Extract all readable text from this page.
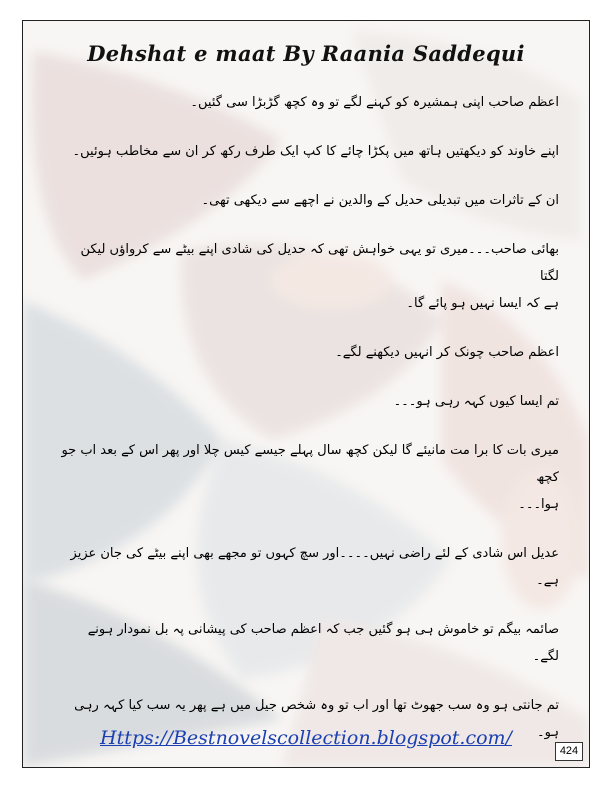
Dehshat e maat By Raania Saddequi

اعظم صاحب اپنی ہمشیرہ کو کہنے لگے تو وہ کچھ گڑبڑا سی گئیں۔

اپنے خاوند کو دیکھتیں ہاتھ میں پکڑا چائے کا کپ ایک طرف رکھ کر ان سے مخاطب ہوئیں۔

ان کے تاثرات میں تبدیلی حدیل کے والدین نے اچھے سے دیکھی تھی۔

بھائی صاحب۔۔۔میری تو یہی خواہش تھی کہ حدیل کی شادی اپنے بیٹے سے کرواؤں لیکن لگتا
ہے کہ ایسا نہیں ہو پائے گا۔

اعظم صاحب چونک کر انہیں دیکھنے لگے۔

تم ایسا کیوں کہہ رہی ہو۔۔۔

میری بات کا برا مت مانیئے گا لیکن کچھ سال پہلے جیسے کیس چلا اور پھر اس کے بعد اب جو کچھ
ہوا۔۔۔

عدیل اس شادی کے لئے راضی نہیں۔۔۔۔اور سچ کہوں تو مجھے بھی اپنے بیٹے کی جان عزیز
ہے۔

صائمہ بیگم تو خاموش ہی ہو گئیں جب کہ اعظم صاحب کی پیشانی پہ بل نمودار ہونے لگے۔

تم جانتی ہو وہ سب جھوٹ تھا اور اب تو وہ شخص جیل میں ہے پھر یہ سب کیا کہہ رہی ہو۔

Https://Bestnovelscollection.blogspot.com/
424
